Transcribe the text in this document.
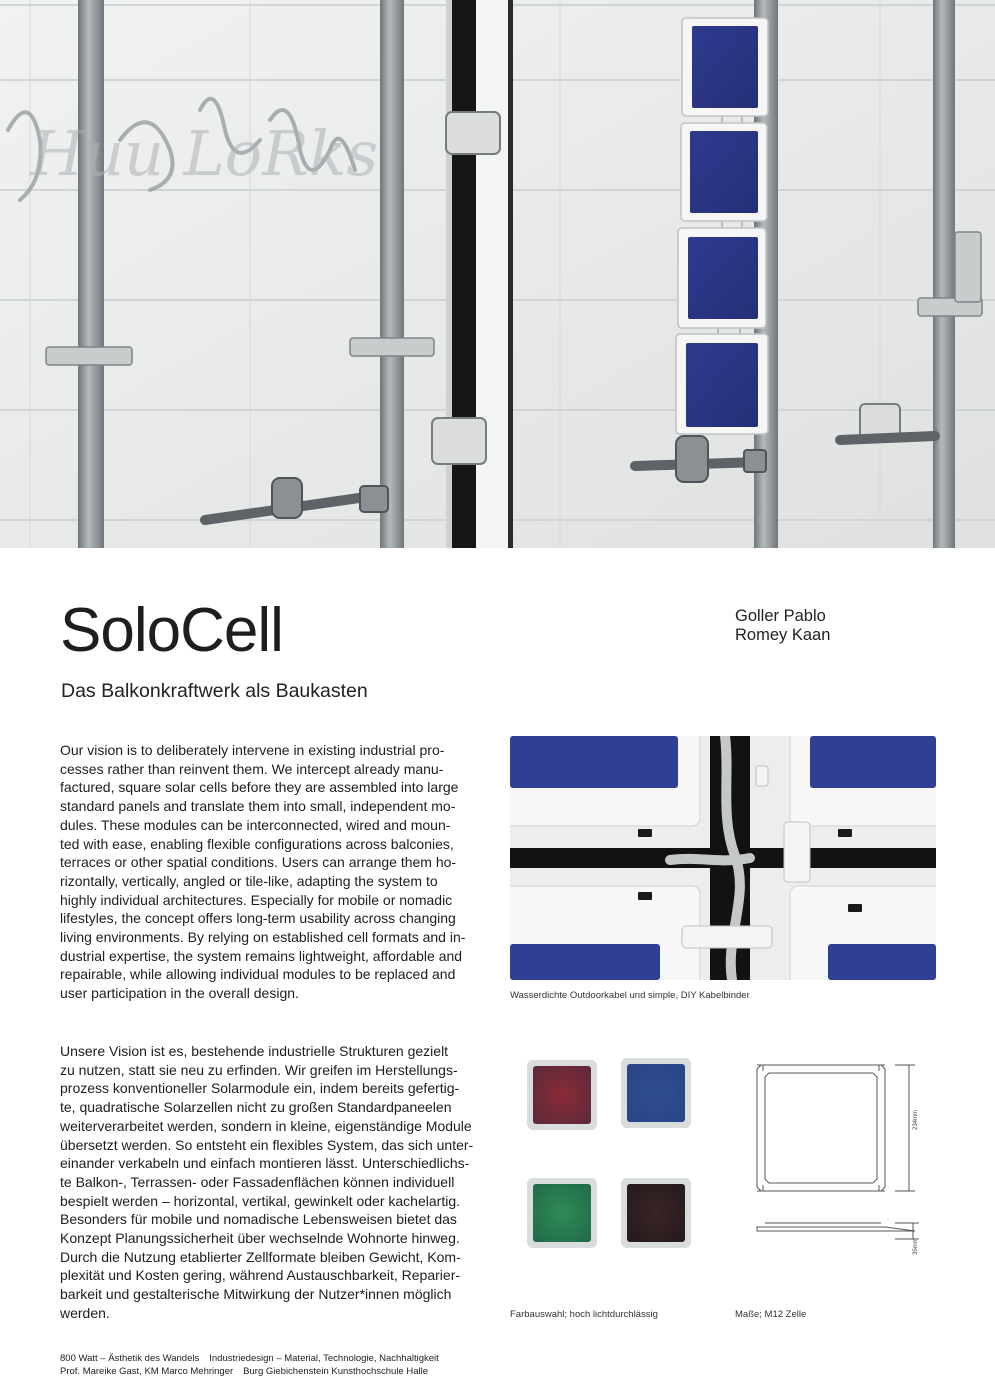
Huu LoRks
SoloCell
Das Balkonkraftwerk als Baukasten
Goller Pablo
Romey Kaan
Our vision is to deliberately intervene in existing industrial pro-
cesses rather than reinvent them. We intercept already manu-
factured, square solar cells before they are assembled into large
standard panels and translate them into small, independent mo-
dules. These modules can be interconnected, wired and moun-
ted with ease, enabling flexible configurations across balconies,
terraces or other spatial conditions. Users can arrange them ho-
rizontally, vertically, angled or tile-like, adapting the system to
highly individual architectures. Especially for mobile or nomadic
lifestyles, the concept offers long-term usability across changing
living environments. By relying on established cell formats and in-
dustrial expertise, the system remains lightweight, affordable and
repairable, while allowing individual modules to be replaced and
user participation in the overall design.
Unsere Vision ist es, bestehende industrielle Strukturen gezielt
zu nutzen, statt sie neu zu erfinden. Wir greifen im Herstellungs-
prozess konventioneller Solarmodule ein, indem bereits gefertig-
te, quadratische Solarzellen nicht zu großen Standardpaneelen
weiterverarbeitet werden, sondern in kleine, eigenständige Module
übersetzt werden. So entsteht ein flexibles System, das sich unter-
einander verkabeln und einfach montieren lässt. Unterschiedlichs-
te Balkon-, Terrassen- oder Fassadenflächen können individuell
bespielt werden – horizontal, vertikal, gewinkelt oder kachelartig.
Besonders für mobile und nomadische Lebensweisen bietet das
Konzept Planungssicherheit über wechselnde Wohnorte hinweg.
Durch die Nutzung etablierter Zellformate bleiben Gewicht, Kom-
plexität und Kosten gering, während Austauschbarkeit, Reparier-
barkeit und gestalterische Mitwirkung der Nutzer*innen möglich
werden.
Wasserdichte Outdoorkabel und simple, DIY Kabelbinder
Farbauswahl; hoch lichtdurchlässig
234mm
35mm
Maße; M12 Zelle
800 Watt – Ästhetik des Wandels Industriedesign – Material, Technologie, Nachhaltigkeit
Prof. Mareike Gast, KM Marco Mehringer Burg Giebichenstein Kunsthochschule Halle
